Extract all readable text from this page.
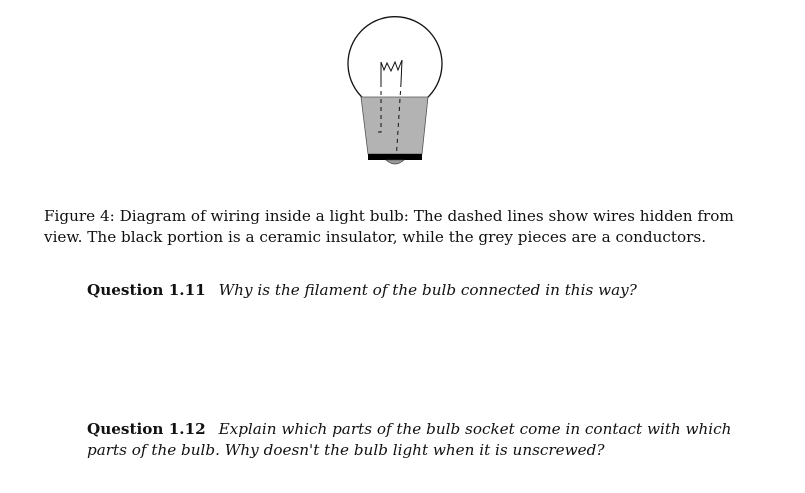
Figure 4: Diagram of wiring inside a light bulb: The dashed lines show wires hidden from view. The black portion is a ceramic insulator, while the grey pieces are a conductors.
Question 1.11 Why is the filament of the bulb connected in this way?
Question 1.12 Explain which parts of the bulb socket come in contact with which parts of the bulb. Why doesn't the bulb light when it is unscrewed?
